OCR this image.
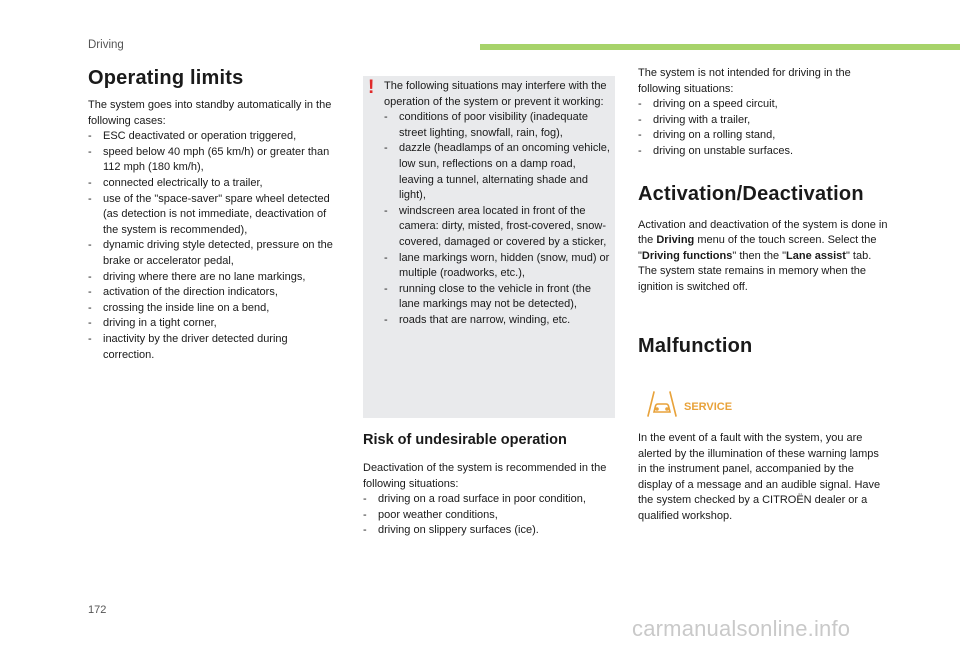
Driving
Operating limits

The system goes into standby automatically in the following cases:

- ESC deactivated or operation triggered,
- speed below 40 mph (65 km/h) or greater than 112 mph (180 km/h),
- connected electrically to a trailer,
- use of the "space-saver" spare wheel detected (as detection is not immediate, deactivation of the system is recommended),
- dynamic driving style detected, pressure on the brake or accelerator pedal,
- driving where there are no lane markings,
- activation of the direction indicators,
- crossing the inside line on a bend,
- driving in a tight corner,
- inactivity by the driver detected during correction.
! The following situations may interfere with the operation of the system or prevent it working:

- conditions of poor visibility (inadequate street lighting, snowfall, rain, fog),
- dazzle (headlamps of an oncoming vehicle, low sun, reflections on a damp road, leaving a tunnel, alternating shade and light),
- windscreen area located in front of the camera: dirty, misted, frost-covered, snow-covered, damaged or covered by a sticker,
- lane markings worn, hidden (snow, mud) or multiple (roadworks, etc.),
- running close to the vehicle in front (the lane markings may not be detected),
- roads that are narrow, winding, etc.
Risk of undesirable operation

Deactivation of the system is recommended in the following situations:

- driving on a road surface in poor condition,
- poor weather conditions,
- driving on slippery surfaces (ice).

The system is not intended for driving in the following situations:

- driving on a speed circuit,
- driving with a trailer,
- driving on a rolling stand,
- driving on unstable surfaces.
Activation/Deactivation

Activation and deactivation of the system is done in the Driving menu of the touch screen. Select the "Driving functions" then the "Lane assist" tab.

The system state remains in memory when the ignition is switched off.

Malfunction
SERVICE

In the event of a fault with the system, you are alerted by the illumination of these warning lamps in the instrument panel, accompanied by the display of a message and an audible signal. Have the system checked by a CITROËN dealer or a qualified workshop.

172
carmanualsonline.info
